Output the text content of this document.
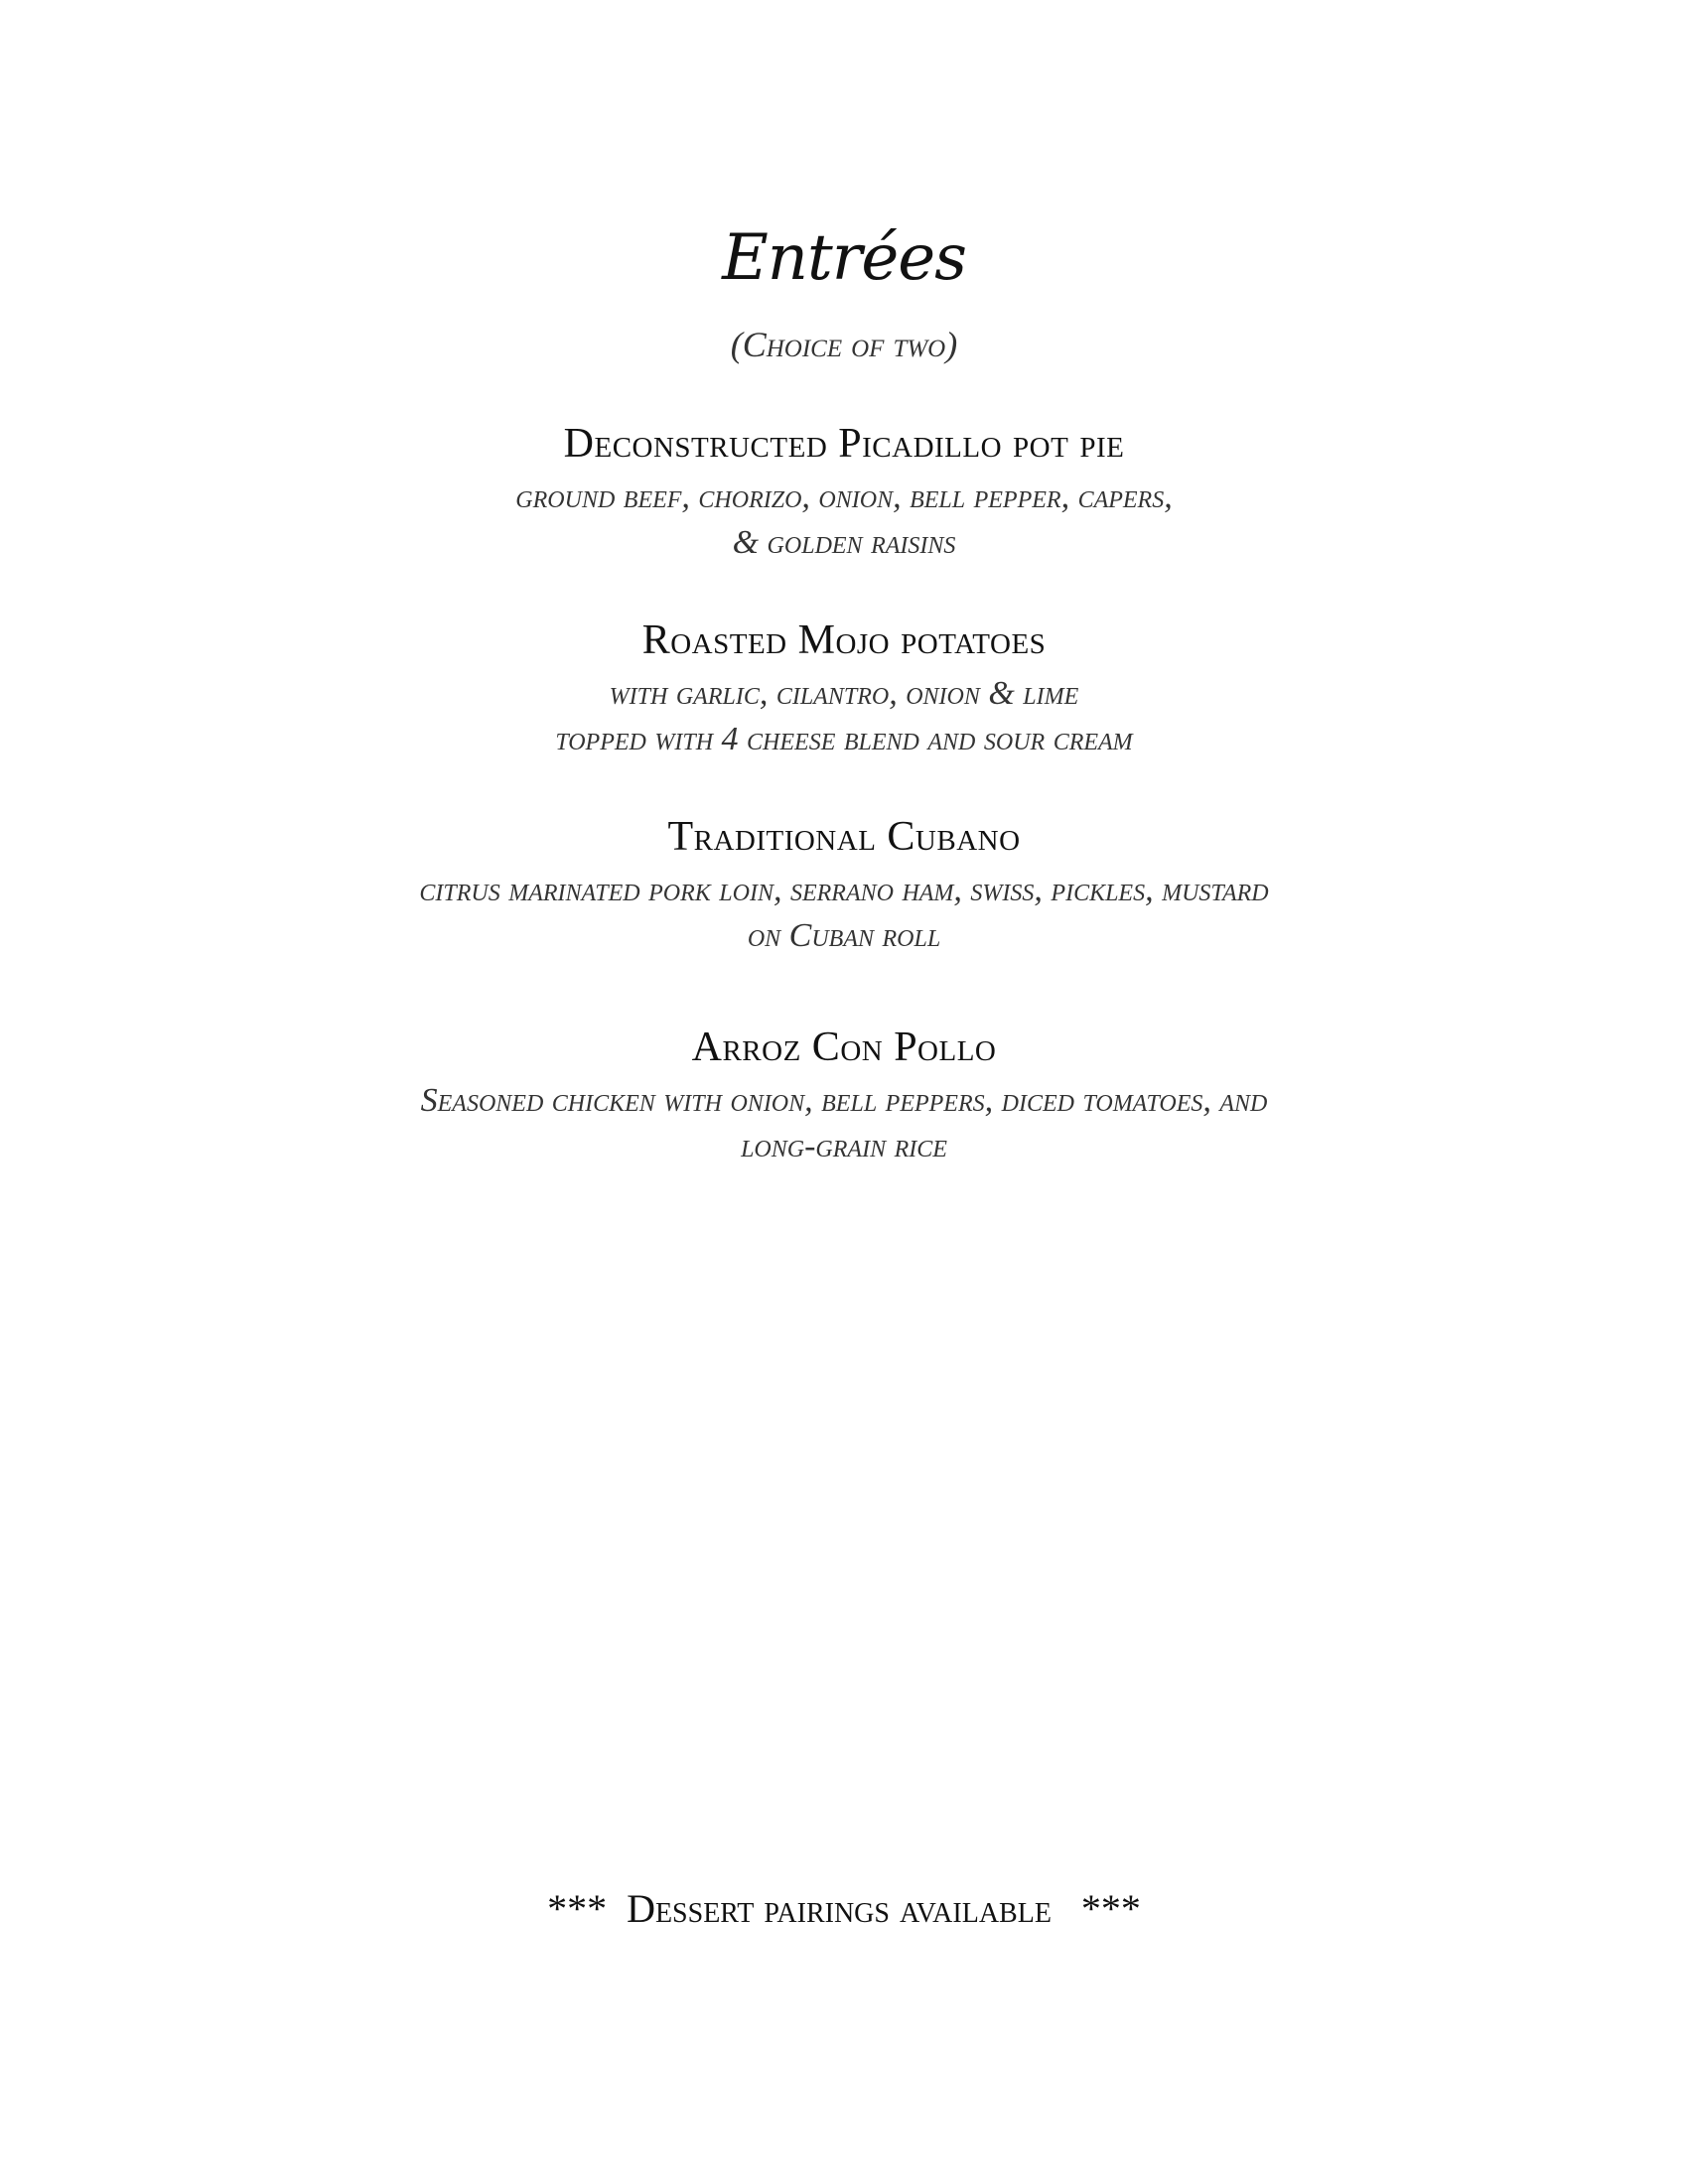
Entrées
(Choice of two)
Deconstructed Picadillo pot pie
ground beef, chorizo, onion, bell pepper, capers,
& golden raisins
Roasted Mojo potatoes
with garlic, cilantro, onion & lime
topped with 4 cheese blend and sour cream
Traditional Cubano
citrus marinated pork loin, serrano ham, swiss, pickles, mustard
on Cuban roll
Arroz Con Pollo
Seasoned chicken with onion, bell peppers, diced tomatoes, and
long-grain rice
***  Dessert pairings available   ***
